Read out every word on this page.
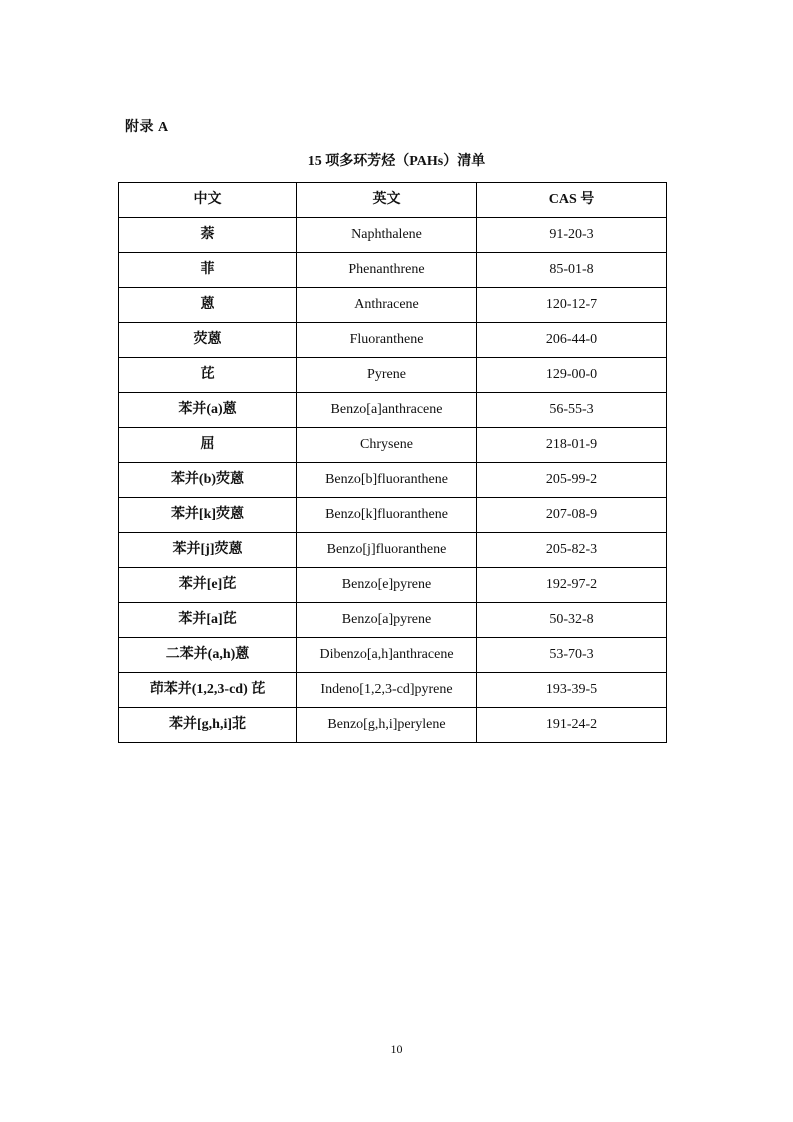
附录 A
15 项多环芳烃（PAHs）清单
中文	英文	CAS 号
萘	Naphthalene	91-20-3
菲	Phenanthrene	85-01-8
蒽	Anthracene	120-12-7
荧蒽	Fluoranthene	206-44-0
芘	Pyrene	129-00-0
苯并(a)蒽	Benzo[a]anthracene	56-55-3
屈	Chrysene	218-01-9
苯并(b)荧蒽	Benzo[b]fluoranthene	205-99-2
苯并[k]荧蒽	Benzo[k]fluoranthene	207-08-9
苯并[j]荧蒽	Benzo[j]fluoranthene	205-82-3
苯并[e]芘	Benzo[e]pyrene	192-97-2
苯并[a]芘	Benzo[a]pyrene	50-32-8
二苯并(a,h)蒽	Dibenzo[a,h]anthracene	53-70-3
茚苯并(1,2,3-cd) 芘	Indeno[1,2,3-cd]pyrene	193-39-5
苯并[g,h,i]苝	Benzo[g,h,i]perylene	191-24-2
10
